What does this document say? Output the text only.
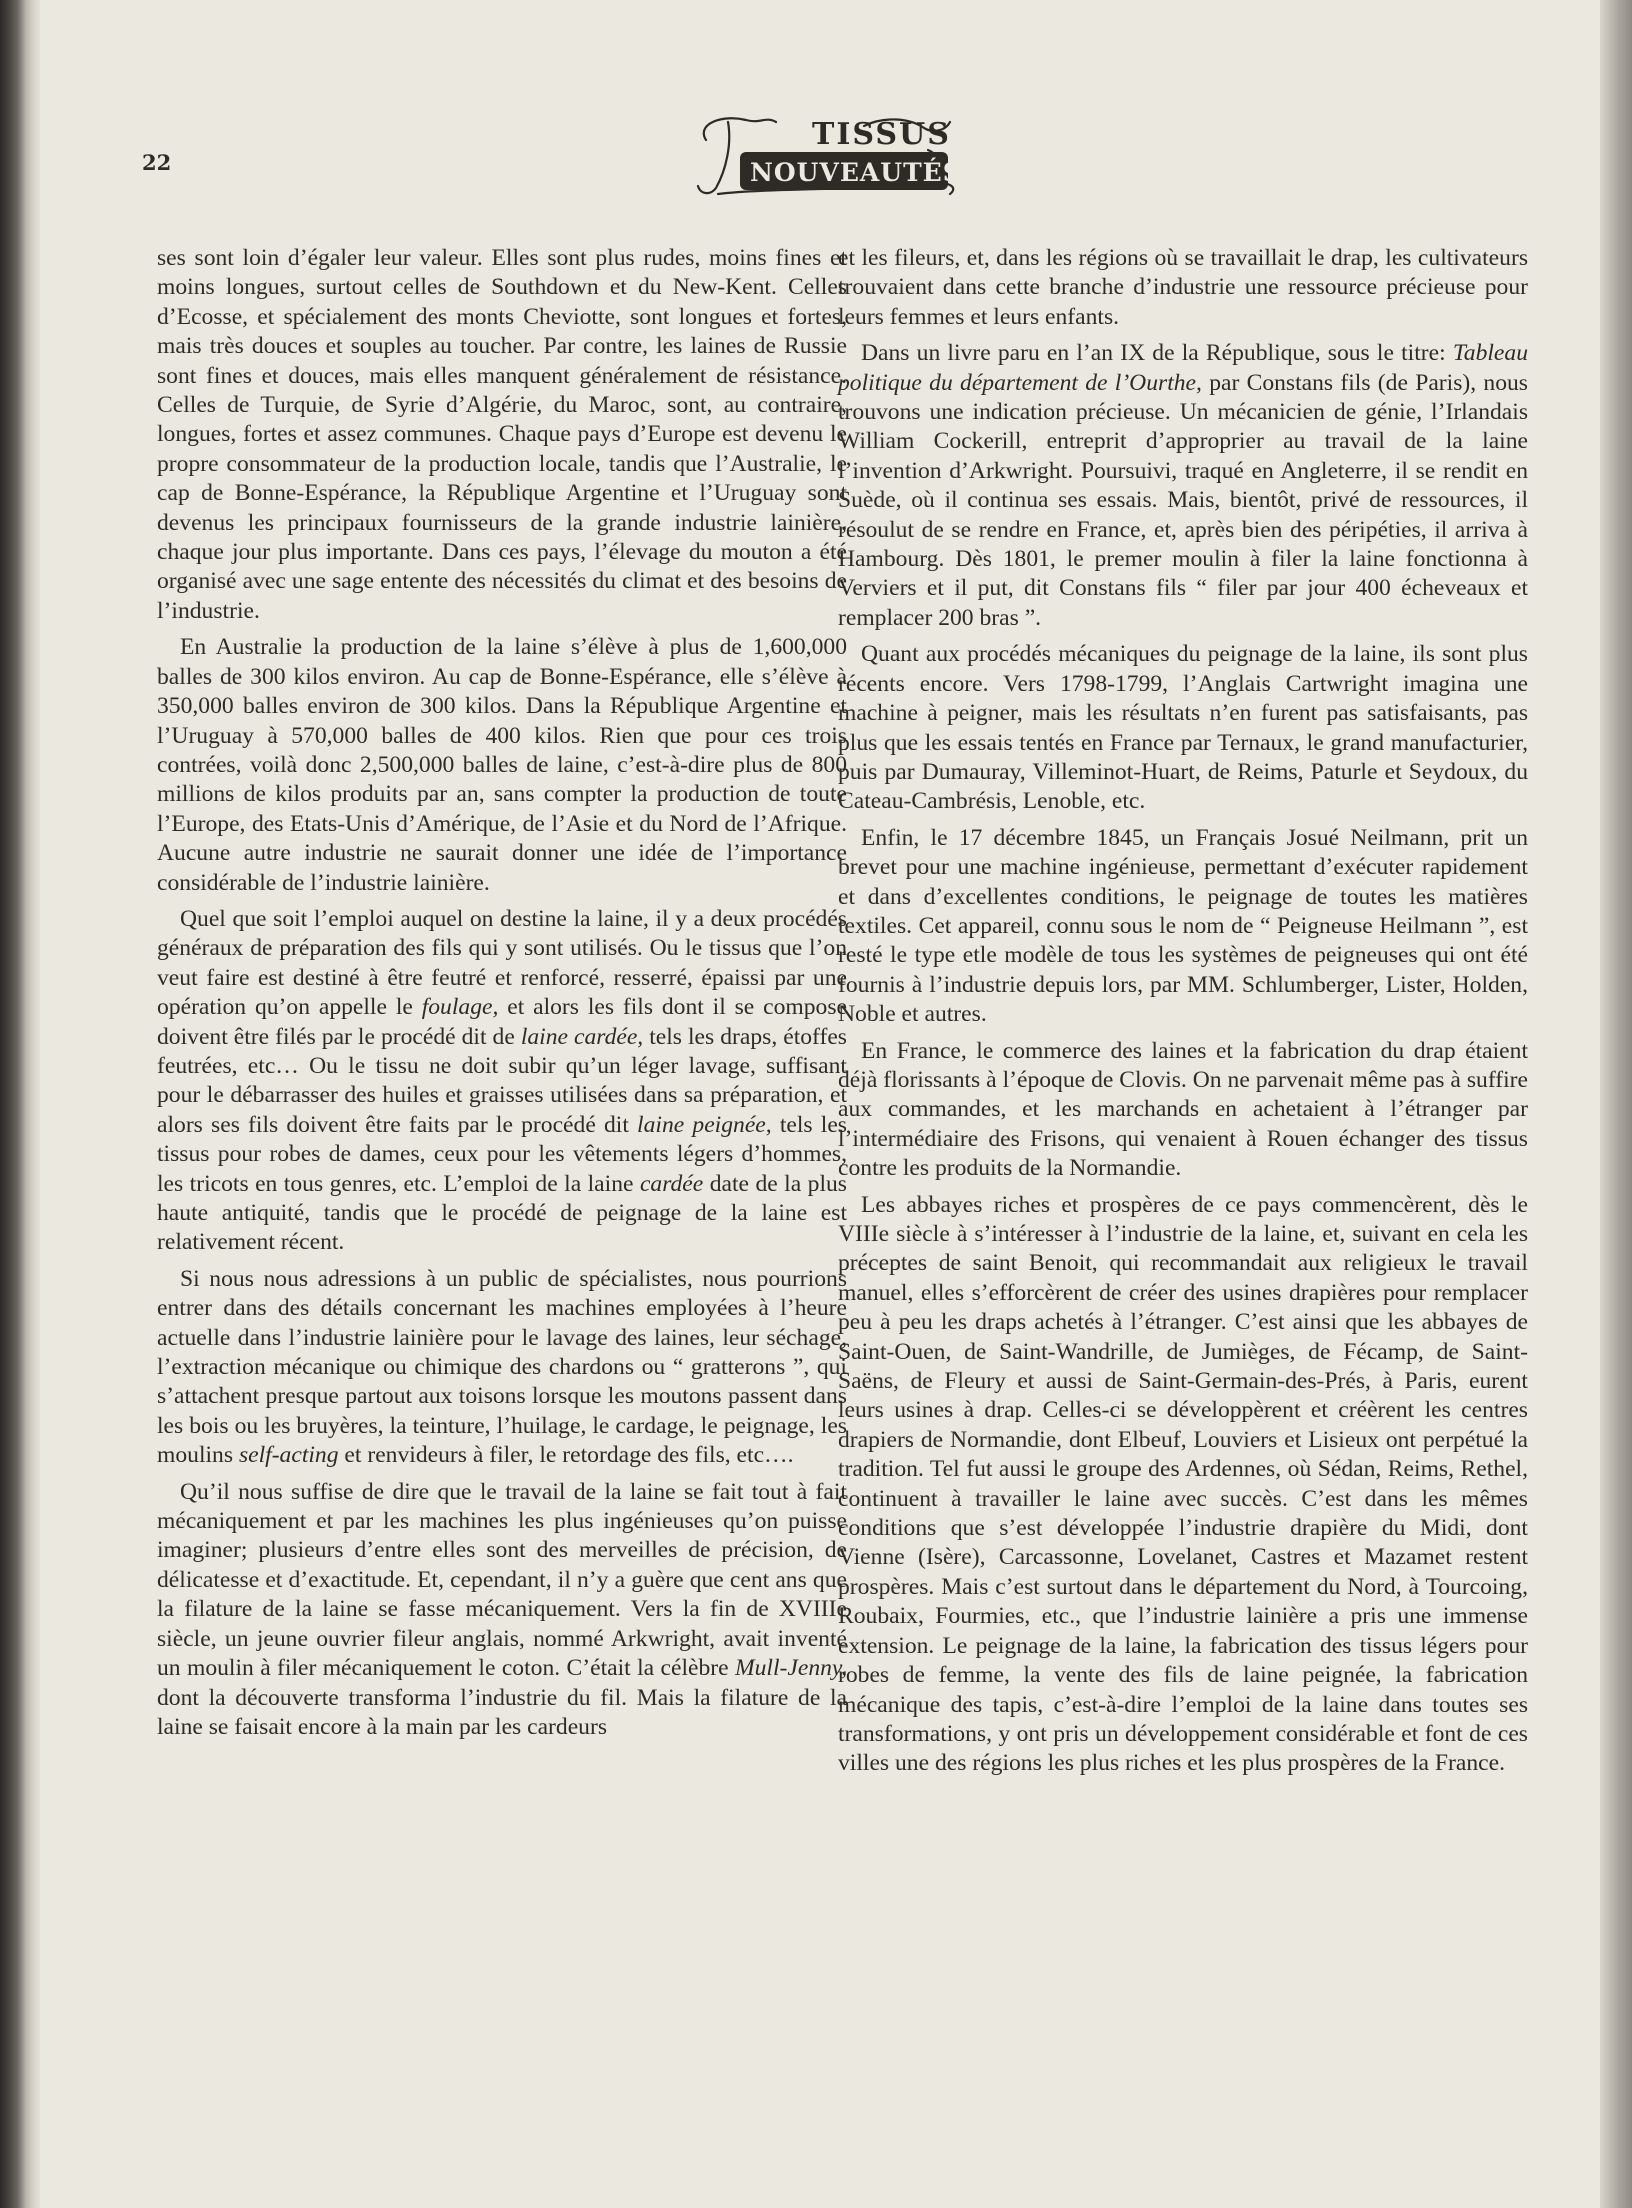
22
TISSUS
NOUVEAUTÉS

ses sont loin d’égaler leur valeur. Elles sont plus rudes, moins fines et moins longues, surtout celles de Southdown et du New-Kent. Celles d’Ecosse, et spécialement des monts Cheviotte, sont longues et fortes, mais très douces et souples au toucher. Par contre, les laines de Russie sont fines et douces, mais elles manquent généralement de résistance. Celles de Turquie, de Syrie d’Algérie, du Maroc, sont, au contraire, longues, fortes et assez communes. Chaque pays d’Europe est devenu le propre consommateur de la production locale, tandis que l’Australie, le cap de Bonne-Espérance, la République Argentine et l’Uruguay sont devenus les principaux fournisseurs de la grande industrie lainière, chaque jour plus importante. Dans ces pays, l’élevage du mouton a été organisé avec une sage entente des nécessités du climat et des besoins de l’industrie.

En Australie la production de la laine s’élève à plus de 1,600,000 balles de 300 kilos environ. Au cap de Bonne-Espérance, elle s’élève à 350,000 balles environ de 300 kilos. Dans la République Argentine et l’Uruguay à 570,000 balles de 400 kilos. Rien que pour ces trois contrées, voilà donc 2,500,000 balles de laine, c’est-à-dire plus de 800 millions de kilos produits par an, sans compter la production de toute l’Europe, des Etats-Unis d’Amérique, de l’Asie et du Nord de l’Afrique. Aucune autre industrie ne saurait donner une idée de l’importance considérable de l’industrie lainière.

Quel que soit l’emploi auquel on destine la laine, il y a deux procédés généraux de préparation des fils qui y sont utilisés. Ou le tissus que l’on veut faire est destiné à être feutré et renforcé, resserré, épaissi par une opération qu’on appelle le foulage, et alors les fils dont il se compose doivent être filés par le procédé dit de laine cardée, tels les draps, étoffes feutrées, etc… Ou le tissu ne doit subir qu’un léger lavage, suffisant pour le débarrasser des huiles et graisses utilisées dans sa préparation, et alors ses fils doivent être faits par le procédé dit laine peignée, tels les tissus pour robes de dames, ceux pour les vêtements légers d’hommes, les tricots en tous genres, etc. L’emploi de la laine cardée date de la plus haute antiquité, tandis que le procédé de peignage de la laine est relativement récent.

Si nous nous adressions à un public de spécialistes, nous pourrions entrer dans des détails concernant les machines employées à l’heure actuelle dans l’industrie lainière pour le lavage des laines, leur séchage, l’extraction mécanique ou chimique des chardons ou “ gratterons ”, qui s’attachent presque partout aux toisons lorsque les moutons passent dans les bois ou les bruyères, la teinture, l’huilage, le cardage, le peignage, les moulins self-acting et renvideurs à filer, le retordage des fils, etc….

Qu’il nous suffise de dire que le travail de la laine se fait tout à fait mécaniquement et par les machines les plus ingénieuses qu’on puisse imaginer; plusieurs d’entre elles sont des merveilles de précision, de délicatesse et d’exactitude. Et, cependant, il n’y a guère que cent ans que la filature de la laine se fasse mécaniquement. Vers la fin de XVIIIe siècle, un jeune ouvrier fileur anglais, nommé Arkwright, avait inventé un moulin à filer mécaniquement le coton. C’était la célèbre Mull-Jenny, dont la découverte transforma l’industrie du fil. Mais la filature de la laine se faisait encore à la main par les cardeurs

et les fileurs, et, dans les régions où se travaillait le drap, les cultivateurs trouvaient dans cette branche d’industrie une ressource précieuse pour leurs femmes et leurs enfants.

Dans un livre paru en l’an IX de la République, sous le titre: Tableau politique du département de l’Ourthe, par Constans fils (de Paris), nous trouvons une indication précieuse. Un mécanicien de génie, l’Irlandais William Cockerill, entreprit d’approprier au travail de la laine l’invention d’Arkwright. Poursuivi, traqué en Angleterre, il se rendit en Suède, où il continua ses essais. Mais, bientôt, privé de ressources, il résoulut de se rendre en France, et, après bien des péripéties, il arriva à Hambourg. Dès 1801, le premer moulin à filer la laine fonctionna à Verviers et il put, dit Constans fils “ filer par jour 400 écheveaux et remplacer 200 bras ”.

Quant aux procédés mécaniques du peignage de la laine, ils sont plus récents encore. Vers 1798-1799, l’Anglais Cartwright imagina une machine à peigner, mais les résultats n’en furent pas satisfaisants, pas plus que les essais tentés en France par Ternaux, le grand manufacturier, puis par Dumauray, Villeminot-Huart, de Reims, Paturle et Seydoux, du Cateau-Cambrésis, Lenoble, etc.

Enfin, le 17 décembre 1845, un Français Josué Neilmann, prit un brevet pour une machine ingénieuse, permettant d’exécuter rapidement et dans d’excellentes conditions, le peignage de toutes les matières textiles. Cet appareil, connu sous le nom de “ Peigneuse Heilmann ”, est resté le type etle modèle de tous les systèmes de peigneuses qui ont été fournis à l’industrie depuis lors, par MM. Schlumberger, Lister, Holden, Noble et autres.

En France, le commerce des laines et la fabrication du drap étaient déjà florissants à l’époque de Clovis. On ne parvenait même pas à suffire aux commandes, et les marchands en achetaient à l’étranger par l’intermédiaire des Frisons, qui venaient à Rouen échanger des tissus contre les produits de la Normandie.

Les abbayes riches et prospères de ce pays commencèrent, dès le VIIIe siècle à s’intéresser à l’industrie de la laine, et, suivant en cela les préceptes de saint Benoit, qui recommandait aux religieux le travail manuel, elles s’efforcèrent de créer des usines drapières pour remplacer peu à peu les draps achetés à l’étranger. C’est ainsi que les abbayes de Saint-Ouen, de Saint-Wandrille, de Jumièges, de Fécamp, de Saint-Saëns, de Fleury et aussi de Saint-Germain-des-Prés, à Paris, eurent leurs usines à drap. Celles-ci se développèrent et créèrent les centres drapiers de Normandie, dont Elbeuf, Louviers et Lisieux ont perpétué la tradition. Tel fut aussi le groupe des Ardennes, où Sédan, Reims, Rethel, continuent à travailler le laine avec succès. C’est dans les mêmes conditions que s’est développée l’industrie drapière du Midi, dont Vienne (Isère), Carcassonne, Lovelanet, Castres et Mazamet restent prospères. Mais c’est surtout dans le département du Nord, à Tourcoing, Roubaix, Fourmies, etc., que l’industrie lainière a pris une immense extension. Le peignage de la laine, la fabrication des tissus légers pour robes de femme, la vente des fils de laine peignée, la fabrication mécanique des tapis, c’est-à-dire l’emploi de la laine dans toutes ses transformations, y ont pris un développement considérable et font de ces villes une des régions les plus riches et les plus prospères de la France.
